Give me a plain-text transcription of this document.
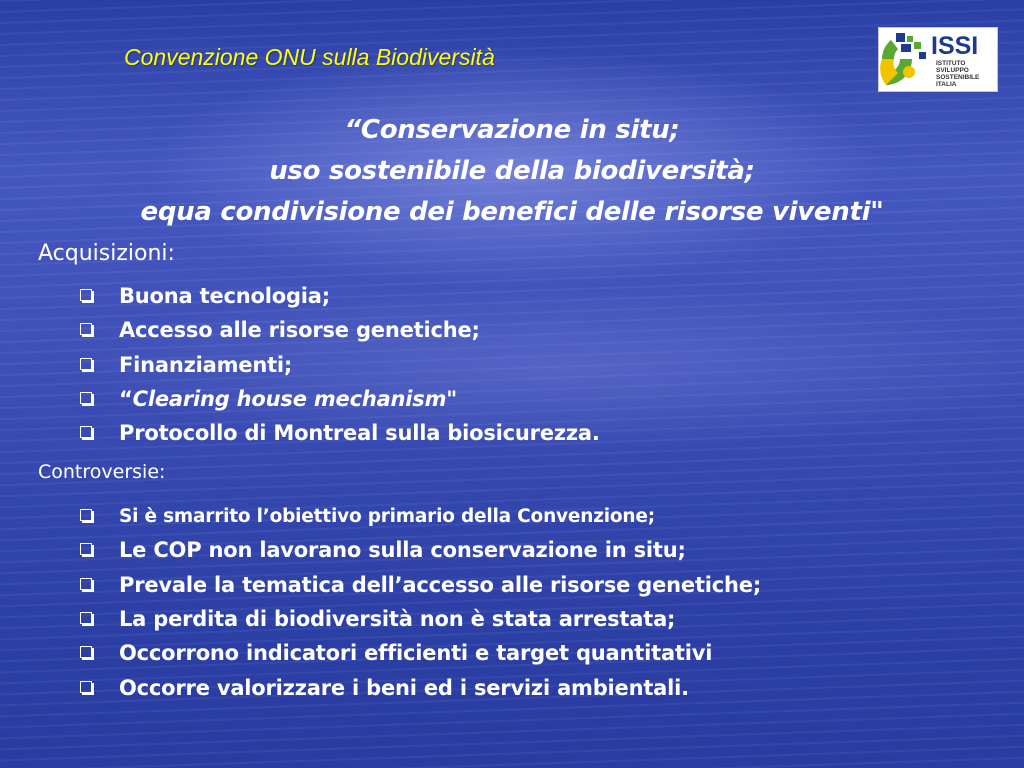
Convenzione ONU sulla Biodiversità	ISSI
ISTITUTO
SVILUPPO
SOSTENIBILE
ITALIA
“Conservazione in situ;
uso sostenibile della biodiversità;
equa condivisione dei benefici delle risorse viventi"
Acquisizioni:
Buona tecnologia;
Accesso alle risorse genetiche;
Finanziamenti;
“Clearing house mechanism"
Protocollo di Montreal sulla biosicurezza.
Controversie:
Si è smarrito l’obiettivo primario della Convenzione;
Le COP non lavorano sulla conservazione in situ;
Prevale la tematica dell’accesso alle risorse genetiche;
La perdita di biodiversità non è stata arrestata;
Occorrono indicatori efficienti e target quantitativi
Occorre valorizzare i beni ed i servizi ambientali.
